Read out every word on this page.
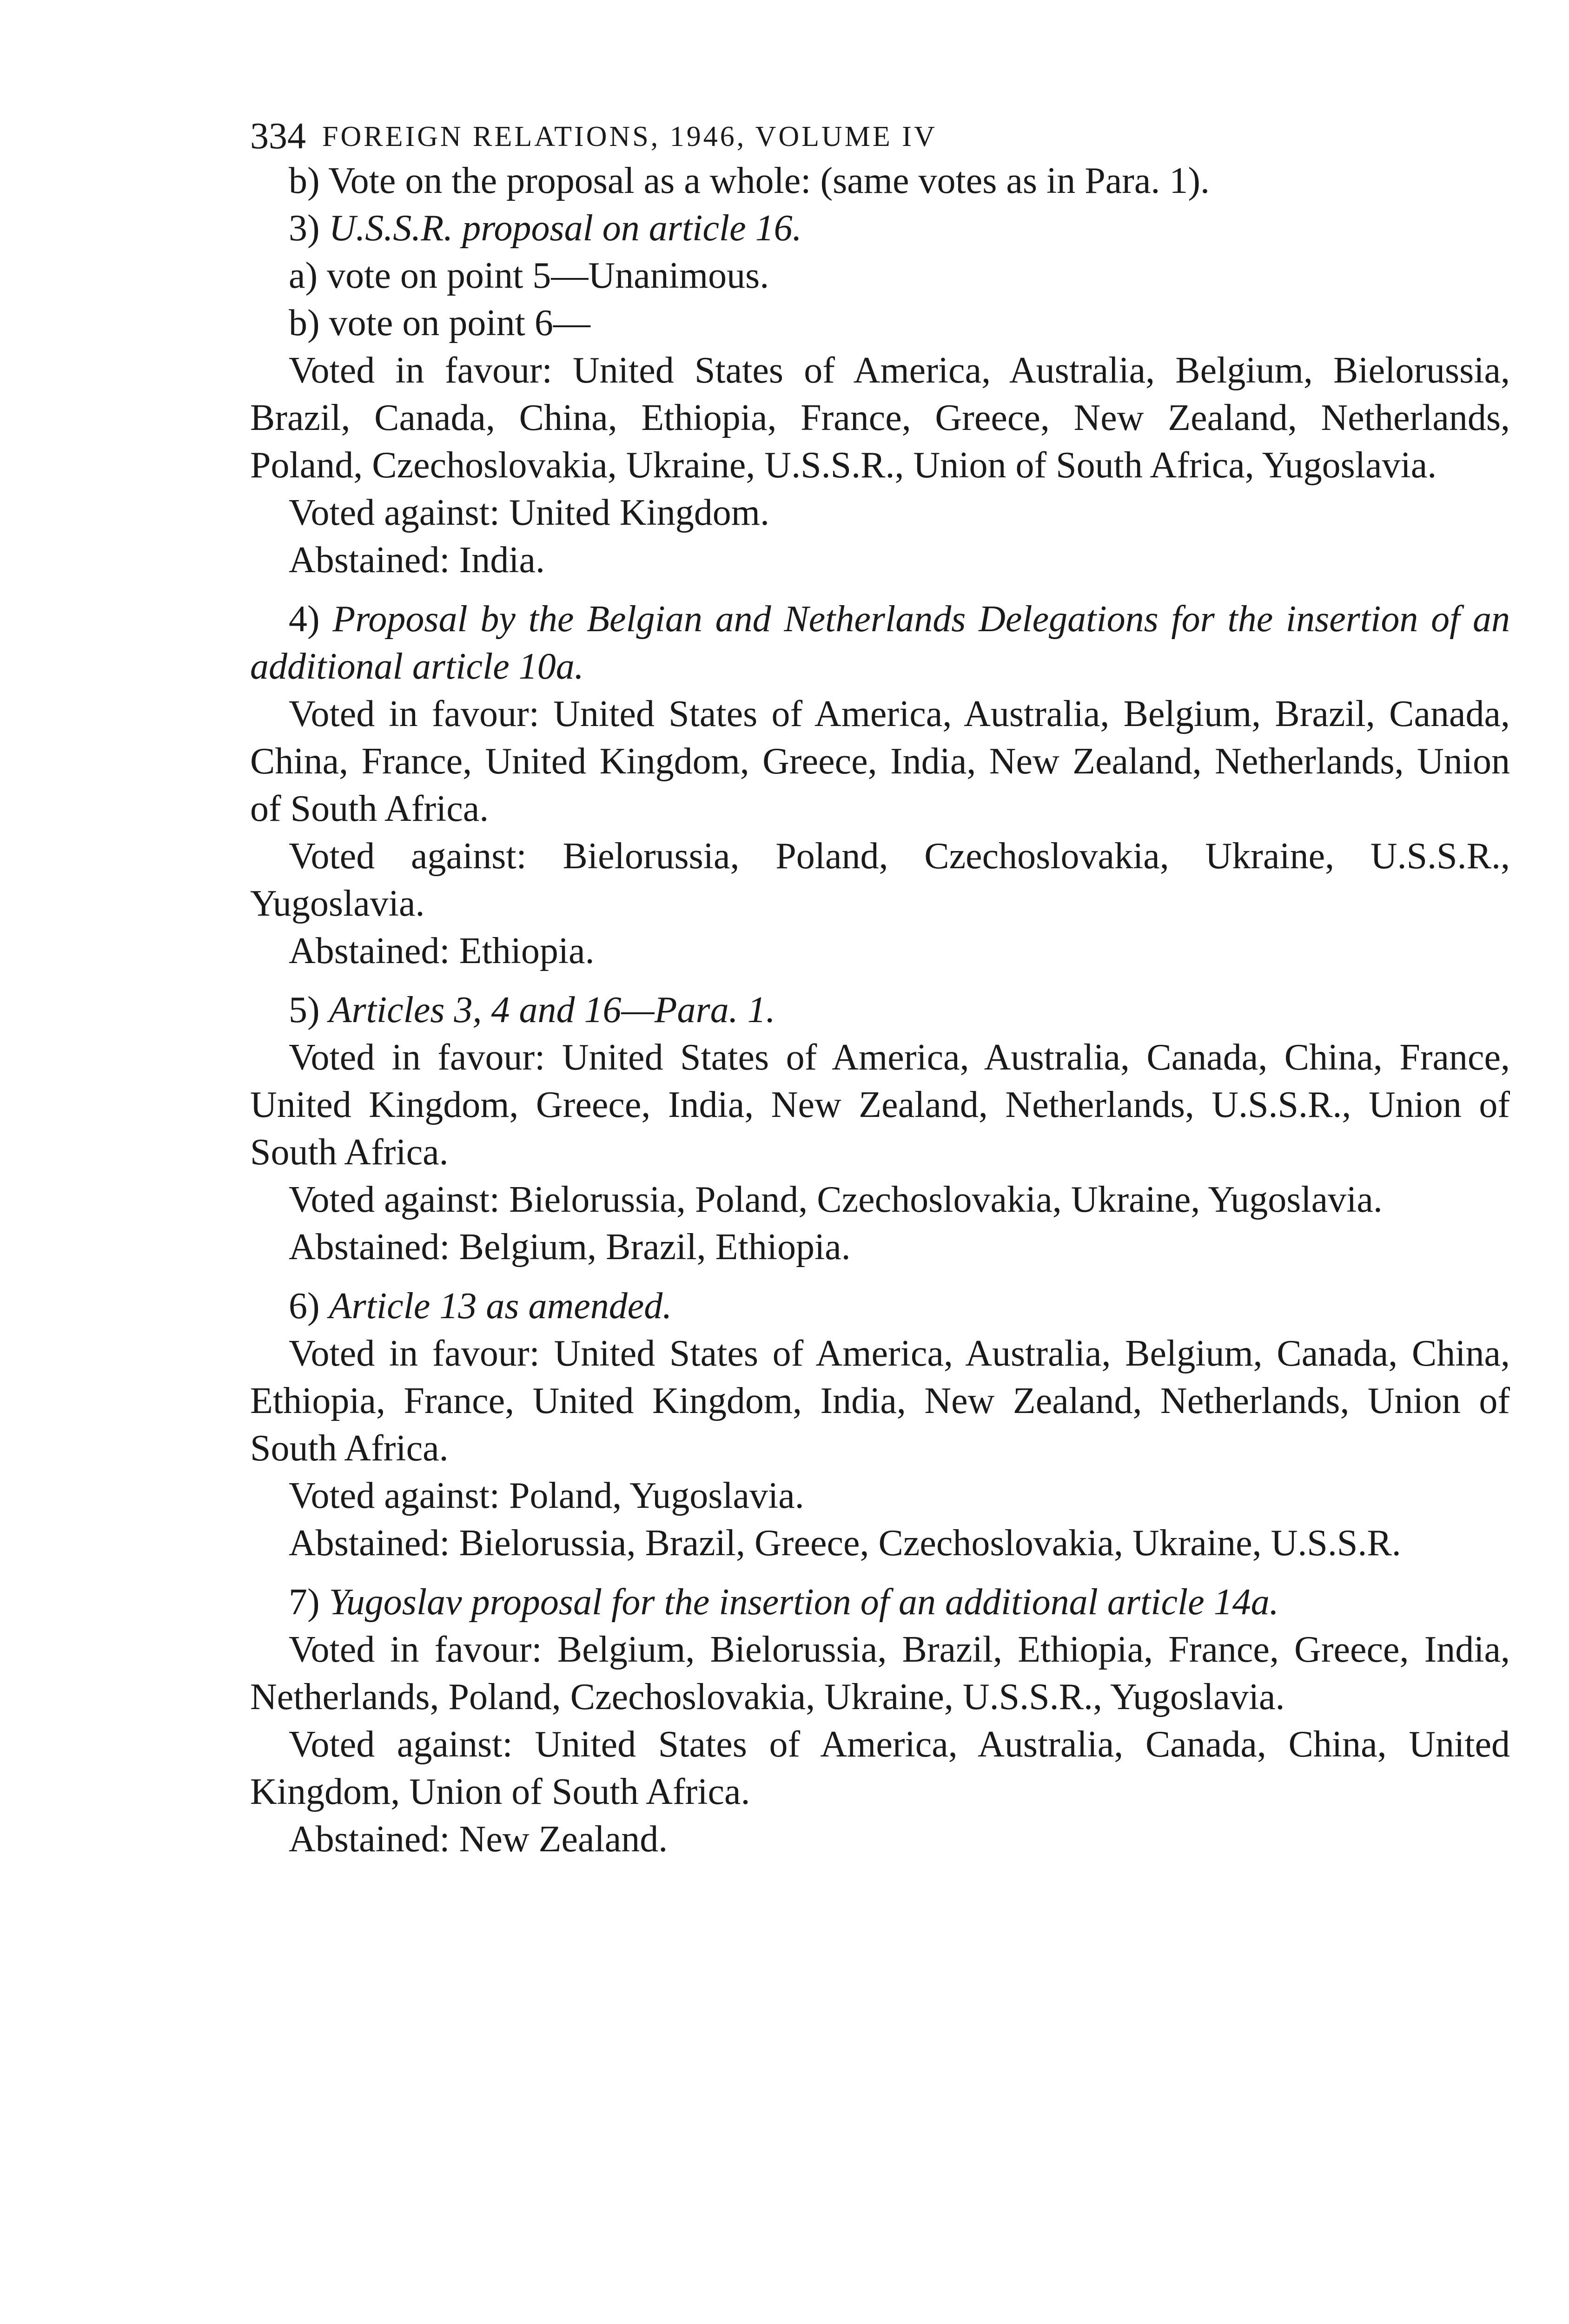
334 FOREIGN RELATIONS, 1946, VOLUME IV

b) Vote on the proposal as a whole: (same votes as in Para. 1).

3) U.S.S.R. proposal on article 16.

a) vote on point 5—Unanimous.

b) vote on point 6—

Voted in favour: United States of America, Australia, Belgium, Bielorussia, Brazil, Canada, China, Ethiopia, France, Greece, New Zealand, Netherlands, Poland, Czechoslovakia, Ukraine, U.S.S.R., Union of South Africa, Yugoslavia.

Voted against: United Kingdom.

Abstained: India.

4) Proposal by the Belgian and Netherlands Delegations for the insertion of an additional article 10a.

Voted in favour: United States of America, Australia, Belgium, Brazil, Canada, China, France, United Kingdom, Greece, India, New Zealand, Netherlands, Union of South Africa.

Voted against: Bielorussia, Poland, Czechoslovakia, Ukraine, U.S.S.R., Yugoslavia.

Abstained: Ethiopia.

5) Articles 3, 4 and 16—Para. 1.

Voted in favour: United States of America, Australia, Canada, China, France, United Kingdom, Greece, India, New Zealand, Netherlands, U.S.S.R., Union of South Africa.

Voted against: Bielorussia, Poland, Czechoslovakia, Ukraine, Yugoslavia.

Abstained: Belgium, Brazil, Ethiopia.

6) Article 13 as amended.

Voted in favour: United States of America, Australia, Belgium, Canada, China, Ethiopia, France, United Kingdom, India, New Zealand, Netherlands, Union of South Africa.

Voted against: Poland, Yugoslavia.

Abstained: Bielorussia, Brazil, Greece, Czechoslovakia, Ukraine, U.S.S.R.

7) Yugoslav proposal for the insertion of an additional article 14a.

Voted in favour: Belgium, Bielorussia, Brazil, Ethiopia, France, Greece, India, Netherlands, Poland, Czechoslovakia, Ukraine, U.S.S.R., Yugoslavia.

Voted against: United States of America, Australia, Canada, China, United Kingdom, Union of South Africa.

Abstained: New Zealand.
